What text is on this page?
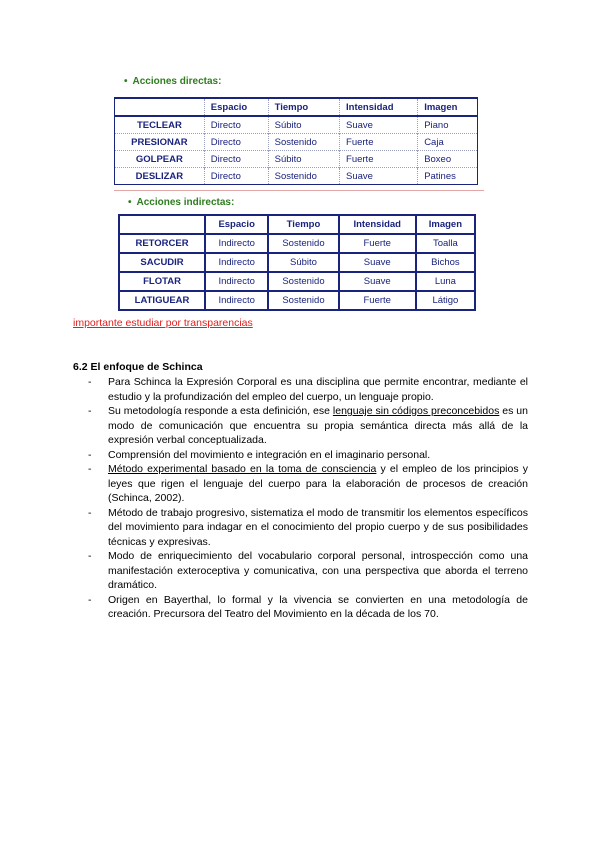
• Acciones directas:
	Espacio	Tiempo	Intensidad	Imagen
TECLEAR	Directo	Súbito	Suave	Piano
PRESIONAR	Directo	Sostenido	Fuerte	Caja
GOLPEAR	Directo	Súbito	Fuerte	Boxeo
DESLIZAR	Directo	Sostenido	Suave	Patines
• Acciones indirectas:
	Espacio	Tiempo	Intensidad	Imagen
RETORCER	Indirecto	Sostenido	Fuerte	Toalla
SACUDIR	Indirecto	Súbito	Suave	Bichos
FLOTAR	Indirecto	Sostenido	Suave	Luna
LATIGUEAR	Indirecto	Sostenido	Fuerte	Látigo
importante estudiar por transparencias
6.2 El enfoque de Schinca
- Para Schinca la Expresión Corporal es una disciplina que permite encontrar, mediante el estudio y la profundización del empleo del cuerpo, un lenguaje propio.
- Su metodología responde a esta definición, ese lenguaje sin códigos preconcebidos es un modo de comunicación que encuentra su propia semántica directa más allá de la expresión verbal conceptualizada.
- Comprensión del movimiento e integración en el imaginario personal.
- Método experimental basado en la toma de consciencia y el empleo de los principios y leyes que rigen el lenguaje del cuerpo para la elaboración de procesos de creación (Schinca, 2002).
- Método de trabajo progresivo, sistematiza el modo de transmitir los elementos específicos del movimiento para indagar en el conocimiento del propio cuerpo y de sus posibilidades técnicas y expresivas.
- Modo de enriquecimiento del vocabulario corporal personal, introspección como una manifestación exteroceptiva y comunicativa, con una perspectiva que aborda el terreno dramático.
- Origen en Bayerthal, lo formal y la vivencia se convierten en una metodología de creación. Precursora del Teatro del Movimiento en la década de los 70.
